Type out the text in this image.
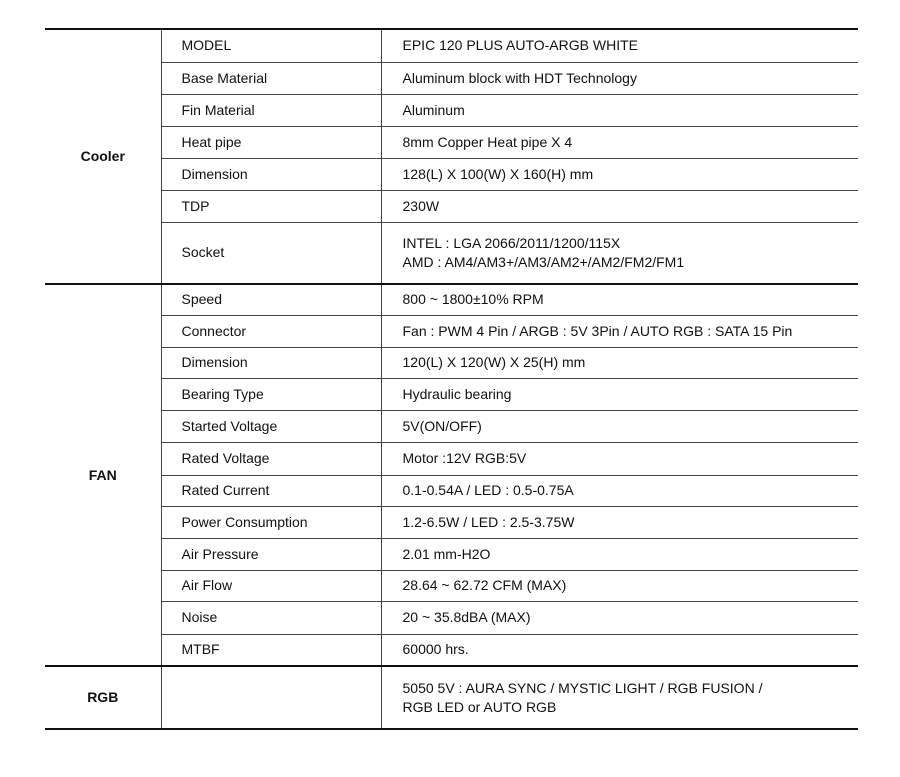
Cooler	MODEL	EPIC 120 PLUS AUTO-ARGB WHITE

	Base Material	Aluminum block with HDT Technology

	Fin Material	Aluminum

	Heat pipe	8mm Copper Heat pipe X 4

	Dimension	128(L) X 100(W) X 160(H) mm

	TDP	230W

	Socket	INTEL : LGA 2066/2011/1200/115X
AMD : AM4/AM3+/AM3/AM2+/AM2/FM2/FM1

FAN	Speed	800 ~ 1800±10% RPM

	Connector	Fan : PWM 4 Pin / ARGB : 5V 3Pin / AUTO RGB : SATA 15 Pin

	Dimension	120(L) X 120(W) X 25(H) mm

	Bearing Type	Hydraulic bearing

	Started Voltage	5V(ON/OFF)

	Rated Voltage	Motor :12V RGB:5V

	Rated Current	0.1-0.54A / LED : 0.5-0.75A

	Power Consumption	1.2-6.5W / LED : 2.5-3.75W

	Air Pressure	2.01 mm-H2O

	Air Flow	28.64 ~ 62.72 CFM (MAX)

	Noise	20 ~ 35.8dBA (MAX)

	MTBF	60000 hrs.

RGB		5050 5V : AURA SYNC / MYSTIC LIGHT / RGB FUSION /
RGB LED or AUTO RGB
